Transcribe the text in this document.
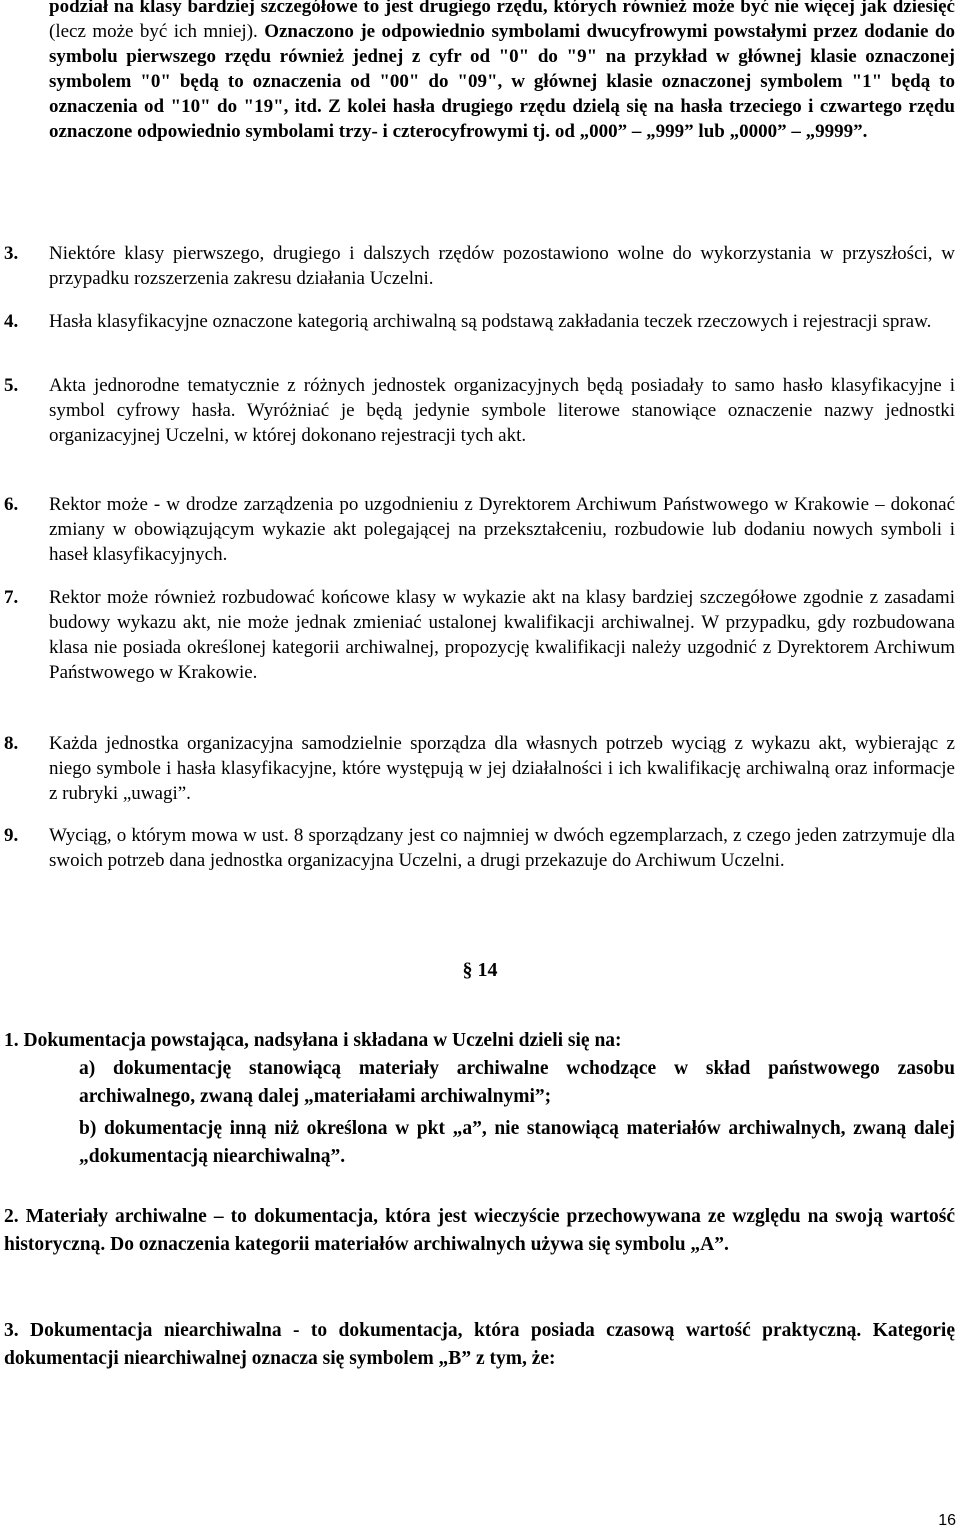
podział na klasy bardziej szczegółowe to jest drugiego rzędu, których również może być nie więcej jak dziesięć (lecz może być ich mniej). Oznaczono je odpowiednio symbolami dwucyfrowymi powstałymi przez dodanie do symbolu pierwszego rzędu również jednej z cyfr od "0" do "9" na przykład w głównej klasie oznaczonej symbolem "0" będą to oznaczenia od "00" do "09", w głównej klasie oznaczonej symbolem "1" będą to oznaczenia od "10" do "19", itd. Z kolei hasła drugiego rzędu dzielą się na hasła trzeciego i czwartego rzędu oznaczone odpowiednio symbolami trzy- i czterocyfrowymi tj. od „000” – „999” lub „0000” – „9999”.
3.	Niektóre klasy pierwszego, drugiego i dalszych rzędów pozostawiono wolne do wykorzystania w przyszłości, w przypadku rozszerzenia zakresu działania Uczelni.
4.	Hasła klasyfikacyjne oznaczone kategorią archiwalną są podstawą zakładania teczek rzeczowych i rejestracji spraw.
5.	Akta jednorodne tematycznie z różnych jednostek organizacyjnych będą posiadały to samo hasło klasyfikacyjne i symbol cyfrowy hasła. Wyróżniać je będą jedynie symbole literowe stanowiące oznaczenie nazwy jednostki organizacyjnej Uczelni, w której dokonano rejestracji tych akt.
6.	Rektor może - w drodze zarządzenia po uzgodnieniu z Dyrektorem Archiwum Państwowego w Krakowie – dokonać zmiany w obowiązującym wykazie akt polegającej na przekształceniu, rozbudowie lub dodaniu nowych symboli i haseł klasyfikacyjnych.
7.	Rektor może również rozbudować końcowe klasy w wykazie akt na klasy bardziej szczegółowe zgodnie z zasadami budowy wykazu akt, nie może jednak zmieniać ustalonej kwalifikacji archiwalnej. W przypadku, gdy rozbudowana klasa nie posiada określonej kategorii archiwalnej, propozycję kwalifikacji należy uzgodnić z Dyrektorem Archiwum Państwowego w Krakowie.
8.	Każda jednostka organizacyjna samodzielnie sporządza dla własnych potrzeb wyciąg z wykazu akt, wybierając z niego symbole i hasła klasyfikacyjne, które występują w jej działalności i ich kwalifikację archiwalną oraz informacje z rubryki „uwagi”.
9.	Wyciąg, o którym mowa w ust. 8 sporządzany jest co najmniej w dwóch egzemplarzach, z czego jeden zatrzymuje dla swoich potrzeb dana jednostka organizacyjna Uczelni, a drugi przekazuje do Archiwum Uczelni.
§ 14
1. Dokumentacja powstająca, nadsyłana i składana w Uczelni dzieli się na:
a) dokumentację stanowiącą materiały archiwalne wchodzące w skład państwowego zasobu archiwalnego, zwaną dalej „materiałami archiwalnymi”;
b) dokumentację inną niż określona w pkt „a”, nie stanowiącą materiałów archiwalnych, zwaną dalej „dokumentacją niearchiwalną”.
2. Materiały archiwalne – to dokumentacja, która jest wieczyście przechowywana ze względu na swoją wartość historyczną. Do oznaczenia kategorii materiałów archiwalnych używa się symbolu „A”.
3. Dokumentacja niearchiwalna - to dokumentacja, która posiada czasową wartość praktyczną. Kategorię dokumentacji niearchiwalnej oznacza się symbolem „B” z tym, że:
16
